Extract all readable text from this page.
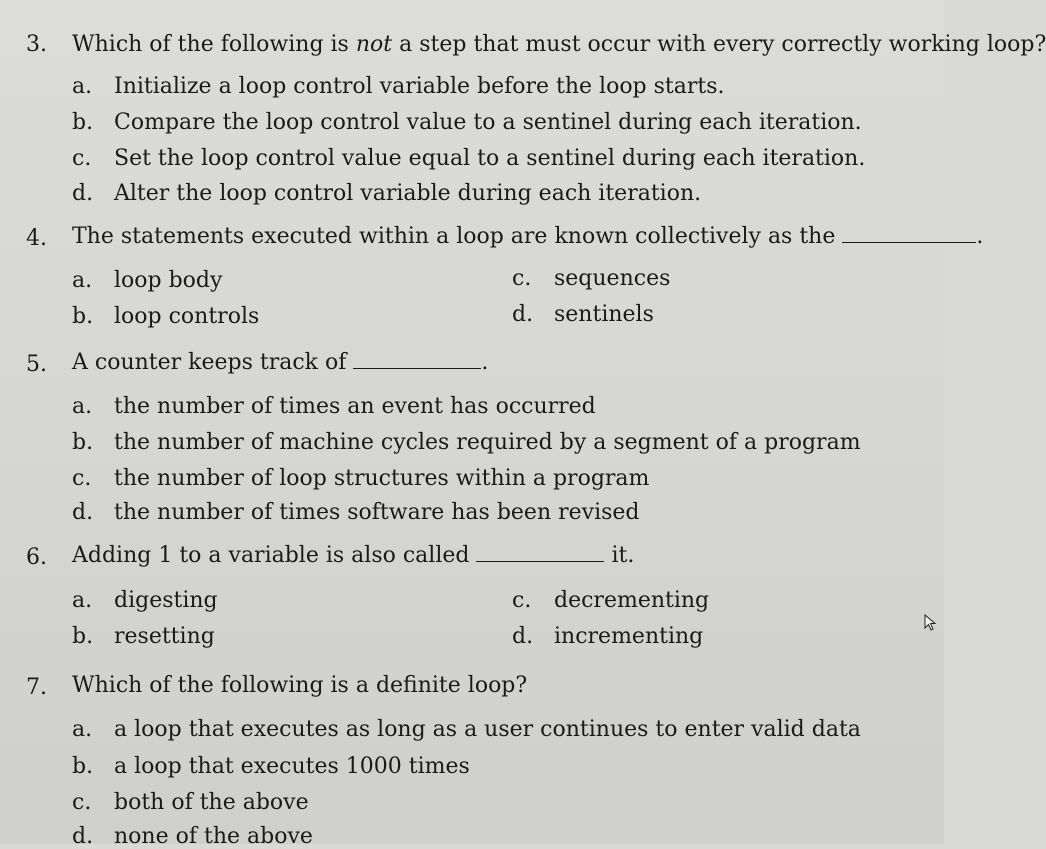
3. Which of the following is not a step that must occur with every correctly working loop?
a. Initialize a loop control variable before the loop starts.
b. Compare the loop control value to a sentinel during each iteration.
c. Set the loop control value equal to a sentinel during each iteration.
d. Alter the loop control variable during each iteration.
4. The statements executed within a loop are known collectively as the	.
a. loop body
b. loop controls
c. sequences
d. sentinels
5. A counter keeps track of	.
a. the number of times an event has occurred
b. the number of machine cycles required by a segment of a program
c. the number of loop structures within a program
d. the number of times software has been revised
6. Adding 1 to a variable is also called	it.
a. digesting
b. resetting
c. decrementing
d. incrementing
7. Which of the following is a definite loop?
a. a loop that executes as long as a user continues to enter valid data
b. a loop that executes 1000 times
c. both of the above
d. none of the above
